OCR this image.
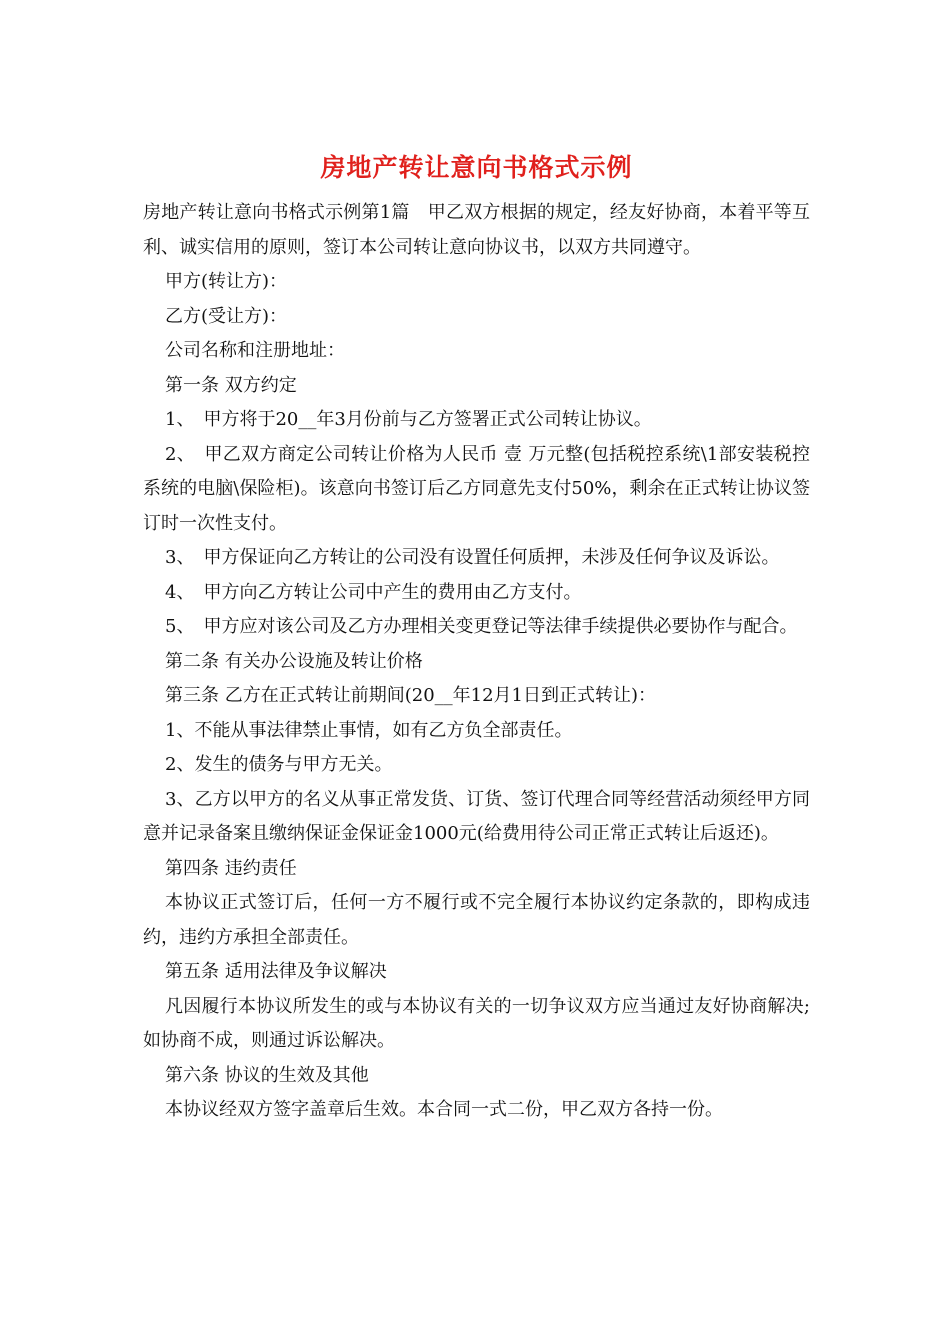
房地产转让意向书格式示例

房地产转让意向书格式示例第1篇　甲乙双方根据的规定，经友好协商，本着平等互利、诚实信用的原则，签订本公司转让意向协议书，以双方共同遵守。

甲方(转让方)：

乙方(受让方)：

公司名称和注册地址：

第一条 双方约定

1、　甲方将于20__年3月份前与乙方签署正式公司转让协议。

2、　甲乙双方商定公司转让价格为人民币 壹 万元整(包括税控系统\1部安装税控系统的电脑\保险柜)。该意向书签订后乙方同意先支付50%，剩余在正式转让协议签订时一次性支付。

3、　甲方保证向乙方转让的公司没有设置任何质押，未涉及任何争议及诉讼。

4、　甲方向乙方转让公司中产生的费用由乙方支付。

5、　甲方应对该公司及乙方办理相关变更登记等法律手续提供必要协作与配合。

第二条 有关办公设施及转让价格

第三条 乙方在正式转让前期间(20__年12月1日到正式转让)：

1、不能从事法律禁止事情，如有乙方负全部责任。

2、发生的债务与甲方无关。

3、乙方以甲方的名义从事正常发货、订货、签订代理合同等经营活动须经甲方同意并记录备案且缴纳保证金保证金1000元(给费用待公司正常正式转让后返还)。

第四条 违约责任

本协议正式签订后，任何一方不履行或不完全履行本协议约定条款的，即构成违约，违约方承担全部责任。

第五条 适用法律及争议解决

凡因履行本协议所发生的或与本协议有关的一切争议双方应当通过友好协商解决;如协商不成，则通过诉讼解决。

第六条 协议的生效及其他

本协议经双方签字盖章后生效。本合同一式二份，甲乙双方各持一份。
